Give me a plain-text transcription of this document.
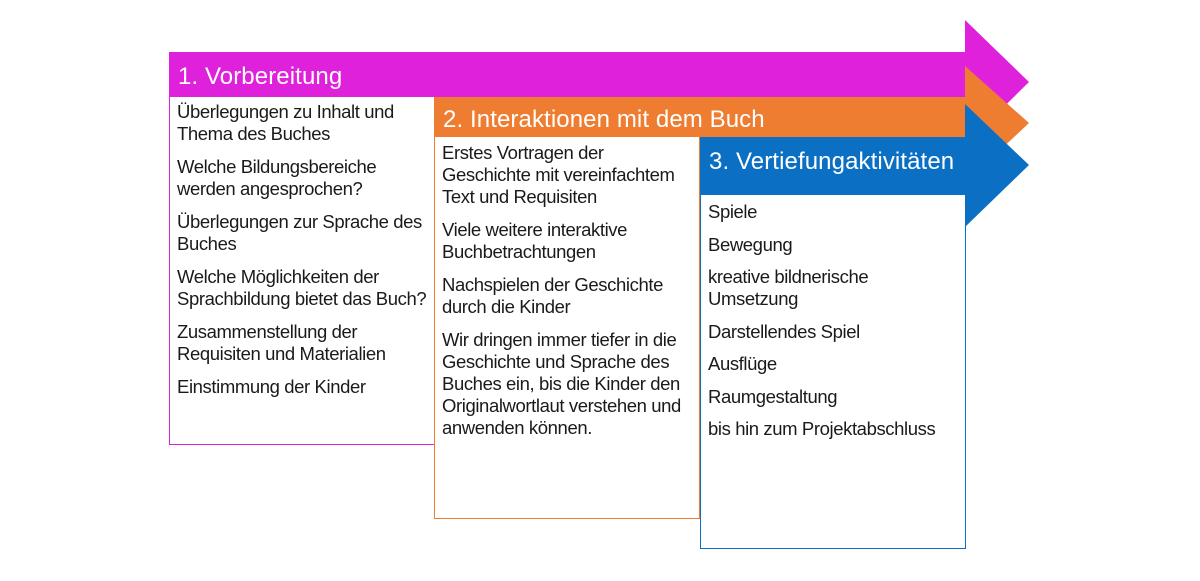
1. Vorbereitung
2. Interaktionen mit dem Buch
3. Vertiefungaktivitäten
Überlegungen zu Inhalt und Thema des Buches
Welche Bildungsbereiche werden angesprochen?
Überlegungen zur Sprache des Buches
Welche Möglichkeiten der Sprachbildung bietet das Buch?
Zusammenstellung der Requisiten und Materialien
Einstimmung der Kinder
Erstes Vortragen der Geschichte mit vereinfachtem Text und Requisiten
Viele weitere interaktive Buchbetrachtungen
Nachspielen der Geschichte durch die Kinder
Wir dringen immer tiefer in die Geschichte und Sprache des Buches ein, bis die Kinder den Originalwortlaut verstehen und anwenden können.
Spiele
Bewegung
kreative bildnerische Umsetzung
Darstellendes Spiel
Ausflüge
Raumgestaltung
bis hin zum Projektabschluss
